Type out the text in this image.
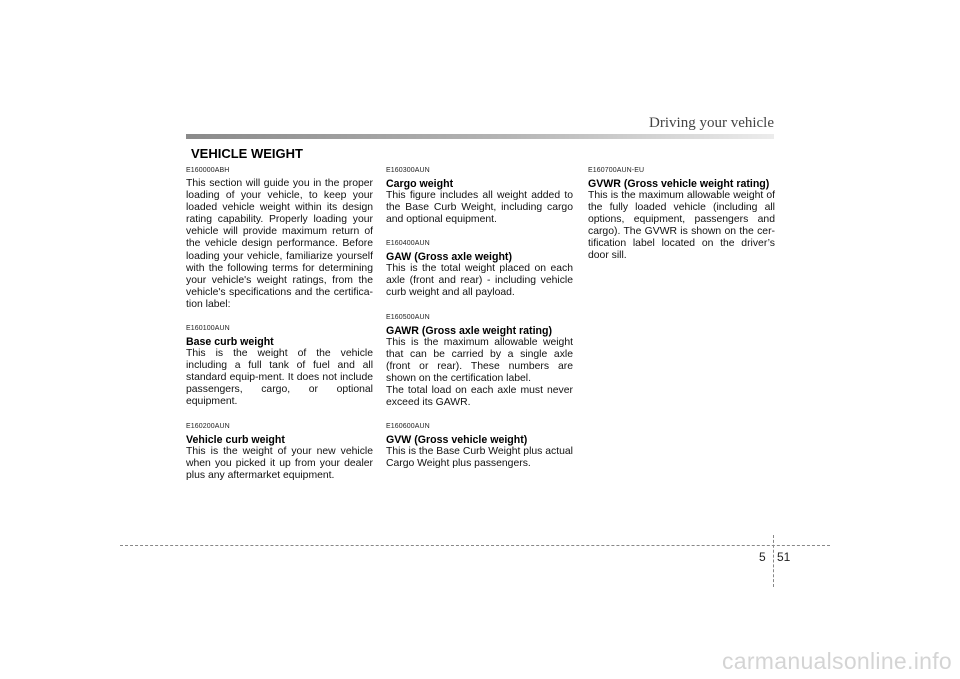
Driving your vehicle
VEHICLE WEIGHT
E160000ABH
This section will guide you in the proper loading of your vehicle, to keep your loaded vehicle weight within its design rating capability. Properly loading your vehicle will provide maximum return of the vehicle design performance. Before loading your vehicle, familiarize yourself with the following terms for determining your vehicle's weight ratings, from the vehicle's specifications and the certifica-tion label:
E160100AUN
Base curb weight
This is the weight of the vehicle including a full tank of fuel and all standard equip-ment. It does not include passengers, cargo, or optional equipment.
E160200AUN
Vehicle curb weight
This is the weight of your new vehicle when you picked it up from your dealer plus any aftermarket equipment.
E160300AUN
Cargo weight
This figure includes all weight added to the Base Curb Weight, including cargo and optional equipment.
E160400AUN
GAW (Gross axle weight)
This is the total weight placed on each axle (front and rear) - including vehicle curb weight and all payload.
E160500AUN
GAWR (Gross axle weight rating)
This is the maximum allowable weight that can be carried by a single axle (front or rear). These numbers are shown on the certification label.
The total load on each axle must never exceed its GAWR.
E160600AUN
GVW (Gross vehicle weight)
This is the Base Curb Weight plus actual Cargo Weight plus passengers.
E160700AUN-EU
GVWR (Gross vehicle weight rating)
This is the maximum allowable weight of the fully loaded vehicle (including all options, equipment, passengers and cargo). The GVWR is shown on the cer-tification label located on the driver’s door sill.
5 51
carmanualsonline.info
